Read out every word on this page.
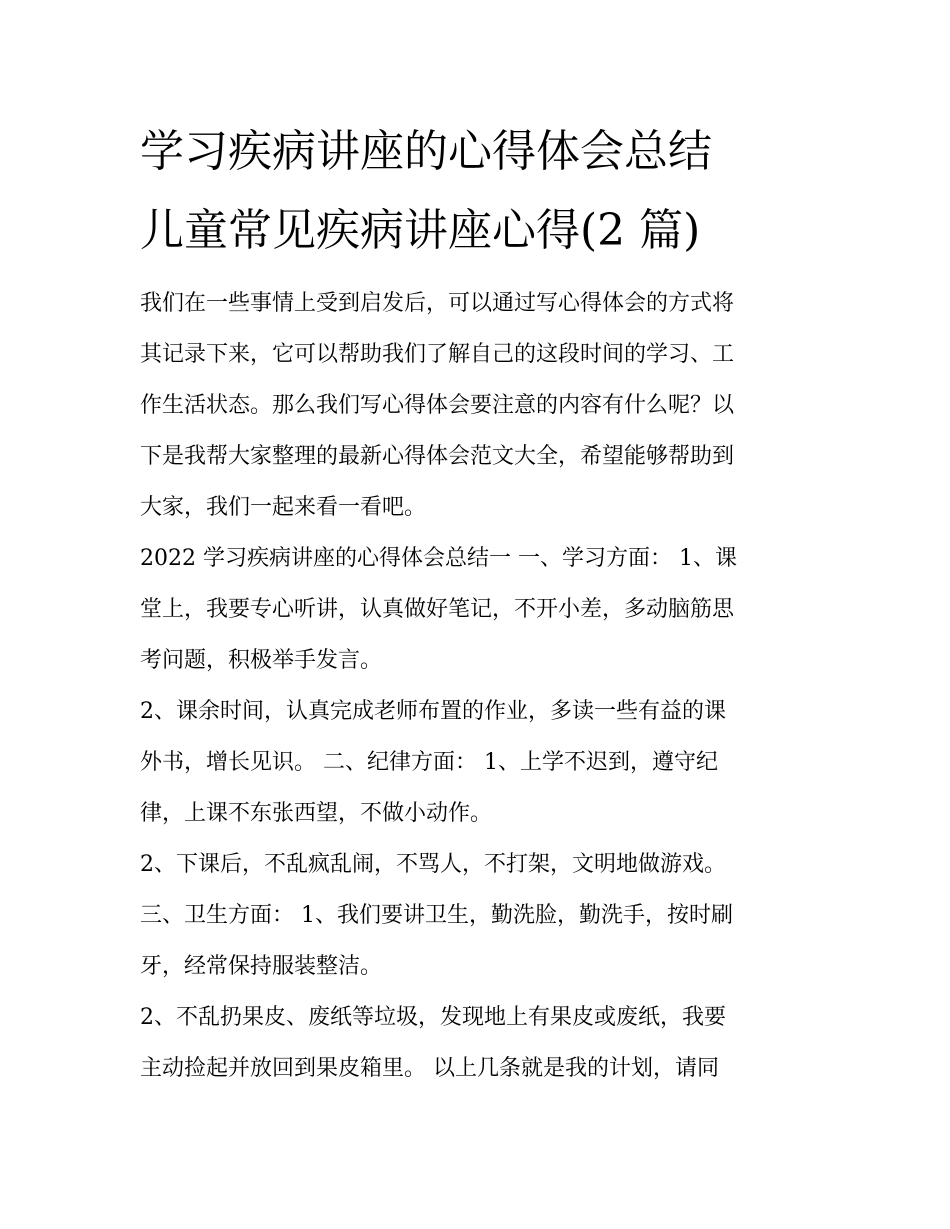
学习疾病讲座的心得体会总结
儿童常见疾病讲座心得(2 篇)
我们在一些事情上受到启发后，可以通过写心得体会的方式将
其记录下来，它可以帮助我们了解自己的这段时间的学习、工
作生活状态。那么我们写心得体会要注意的内容有什么呢？以
下是我帮大家整理的最新心得体会范文大全，希望能够帮助到
大家，我们一起来看一看吧。
2022 学习疾病讲座的心得体会总结一 一、学习方面： 1、课
堂上，我要专心听讲，认真做好笔记，不开小差，多动脑筋思
考问题，积极举手发言。
2、课余时间，认真完成老师布置的作业，多读一些有益的课
外书，增长见识。 二、纪律方面： 1、上学不迟到，遵守纪
律，上课不东张西望，不做小动作。
2、下课后，不乱疯乱闹，不骂人，不打架，文明地做游戏。
三、卫生方面： 1、我们要讲卫生，勤洗脸，勤洗手，按时刷
牙，经常保持服装整洁。
2、不乱扔果皮、废纸等垃圾，发现地上有果皮或废纸，我要
主动捡起并放回到果皮箱里。 以上几条就是我的计划，请同
